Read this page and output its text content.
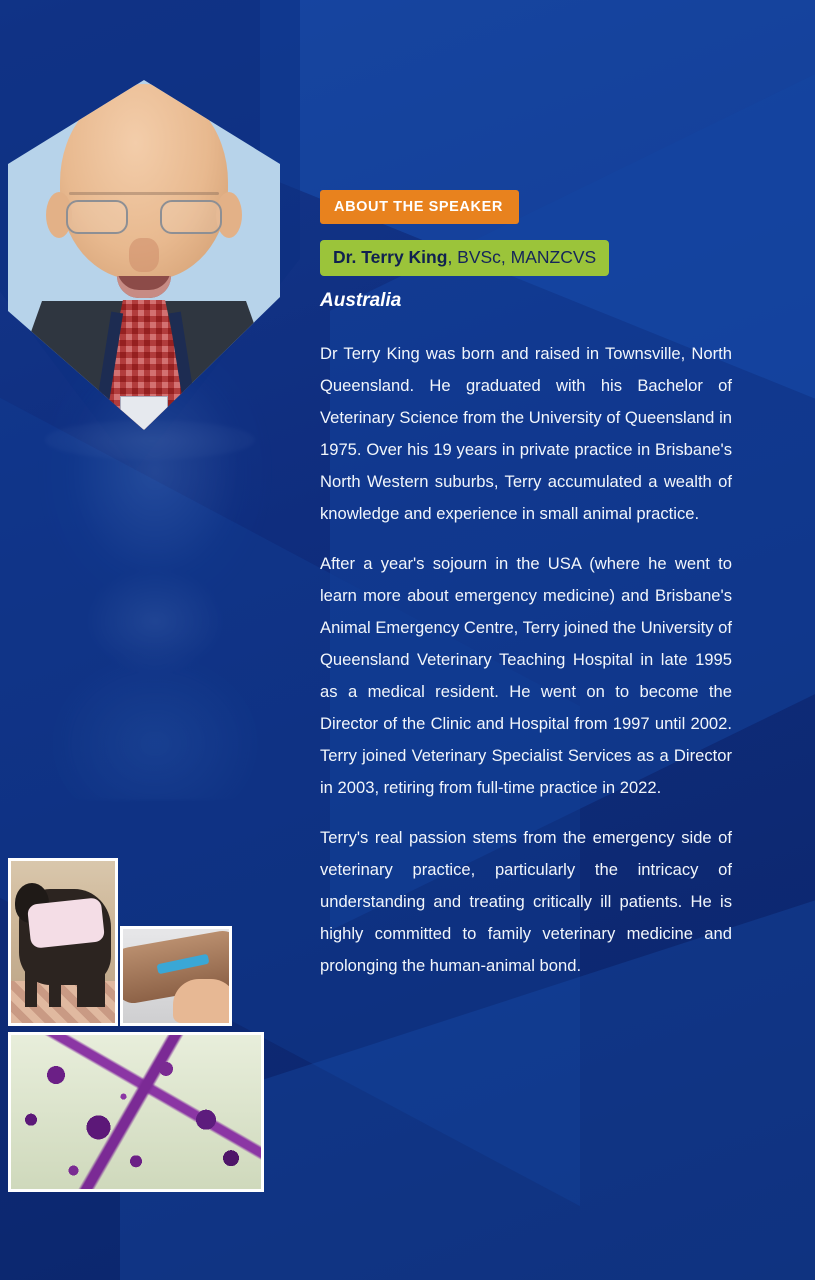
ABOUT THE SPEAKER Dr. Terry King, BVSc, MANZCVS
Australia

Dr Terry King was born and raised in Townsville, North Queensland. He graduated with his Bachelor of Veterinary Science from the University of Queensland in 1975. Over his 19 years in private practice in Brisbane's North Western suburbs, Terry accumulated a wealth of knowledge and experience in small animal practice.

After a year's sojourn in the USA (where he went to learn more about emergency medicine) and Brisbane's Animal Emergency Centre, Terry joined the University of Queensland Veterinary Teaching Hospital in late 1995 as a medical resident. He went on to become the Director of the Clinic and Hospital from 1997 until 2002. Terry joined Veterinary Specialist Services as a Director in 2003, retiring from full-time practice in 2022.

Terry's real passion stems from the emergency side of veterinary practice, particularly the intricacy of understanding and treating critically ill patients. He is highly committed to family veterinary medicine and prolonging the human-animal bond.
